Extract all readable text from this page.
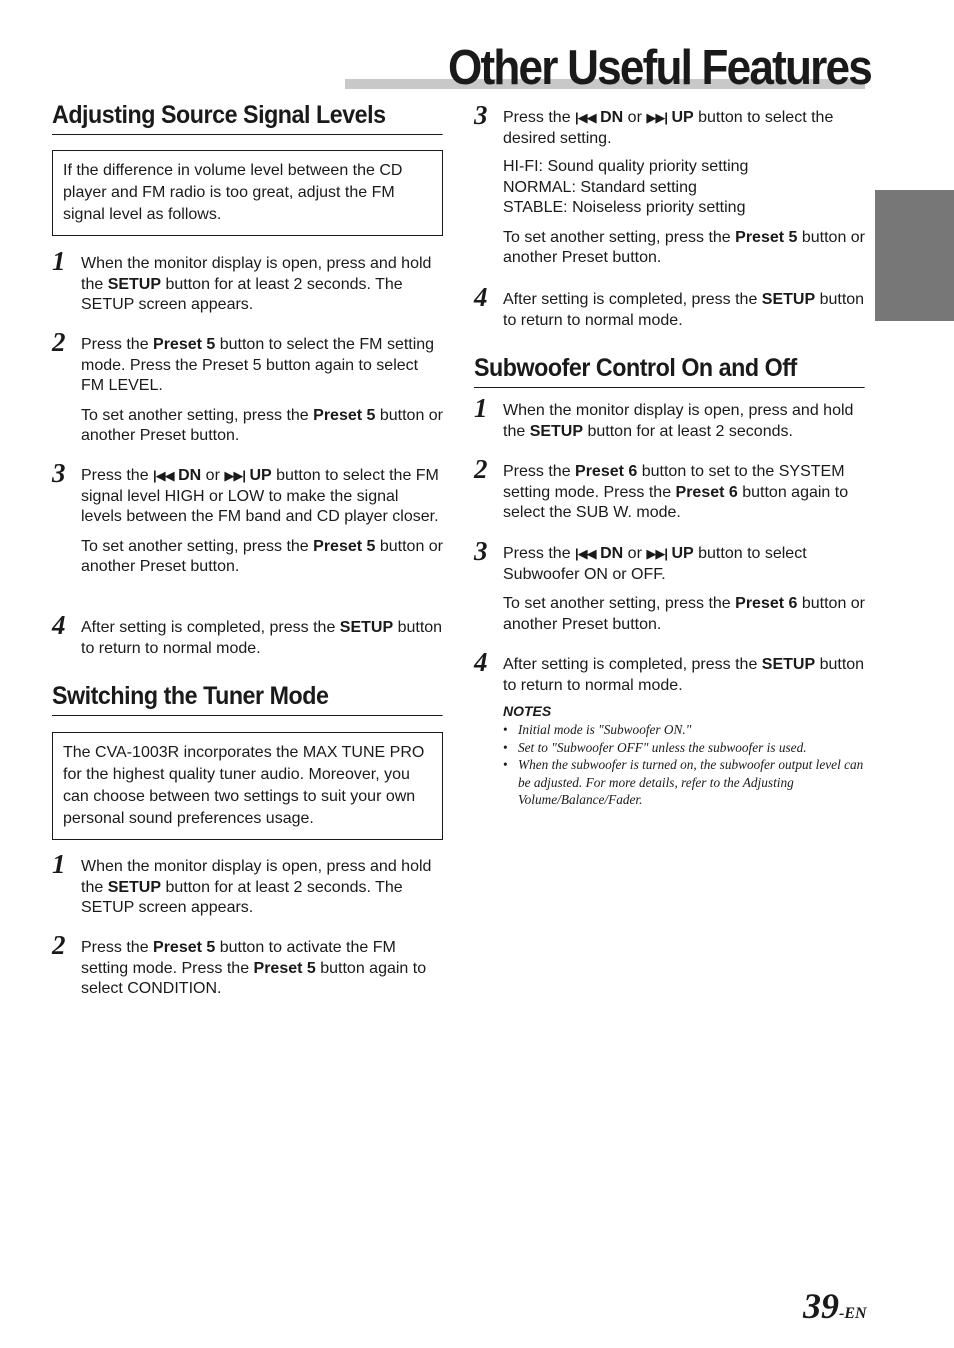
Other Useful Features
Adjusting Source Signal Levels
If the difference in volume level between the CD player and FM radio is too great, adjust the FM signal level as follows.
1 When the monitor display is open, press and hold the SETUP button for at least 2 seconds. The SETUP screen appears.

2 Press the Preset 5 button to select the FM setting mode. Press the Preset 5 button again to select FM LEVEL.

To set another setting, press the Preset 5 button or another Preset button.

3 Press the |◀◀ DN or ▶▶| UP button to select the FM signal level HIGH or LOW to make the signal levels between the FM band and CD player closer.

To set another setting, press the Preset 5 button or another Preset button.

4 After setting is completed, press the SETUP button to return to normal mode.

Switching the Tuner Mode
The CVA-1003R incorporates the MAX TUNE PRO for the highest quality tuner audio. Moreover, you can choose between two settings to suit your own personal sound preferences usage.
1 When the monitor display is open, press and hold the SETUP button for at least 2 seconds. The SETUP screen appears.

2 Press the Preset 5 button to activate the FM setting mode. Press the Preset 5 button again to select CONDITION.

3 Press the |◀◀ DN or ▶▶| UP button to select the desired setting.

HI-FI: Sound quality priority setting
NORMAL: Standard setting
STABLE: Noiseless priority setting

To set another setting, press the Preset 5 button or another Preset button.

4 After setting is completed, press the SETUP button to return to normal mode.

Subwoofer Control On and Off
1 When the monitor display is open, press and hold the SETUP button for at least 2 seconds.

2 Press the Preset 6 button to set to the SYSTEM setting mode. Press the Preset 6 button again to select the SUB W. mode.

3 Press the |◀◀ DN or ▶▶| UP button to select Subwoofer ON or OFF.

To set another setting, press the Preset 6 button or another Preset button.

4 After setting is completed, press the SETUP button to return to normal mode.

NOTES

• Initial mode is "Subwoofer ON."
• Set to "Subwoofer OFF" unless the subwoofer is used.
• When the subwoofer is turned on, the subwoofer output level can be adjusted. For more details, refer to the Adjusting Volume/Balance/Fader.
39-EN
